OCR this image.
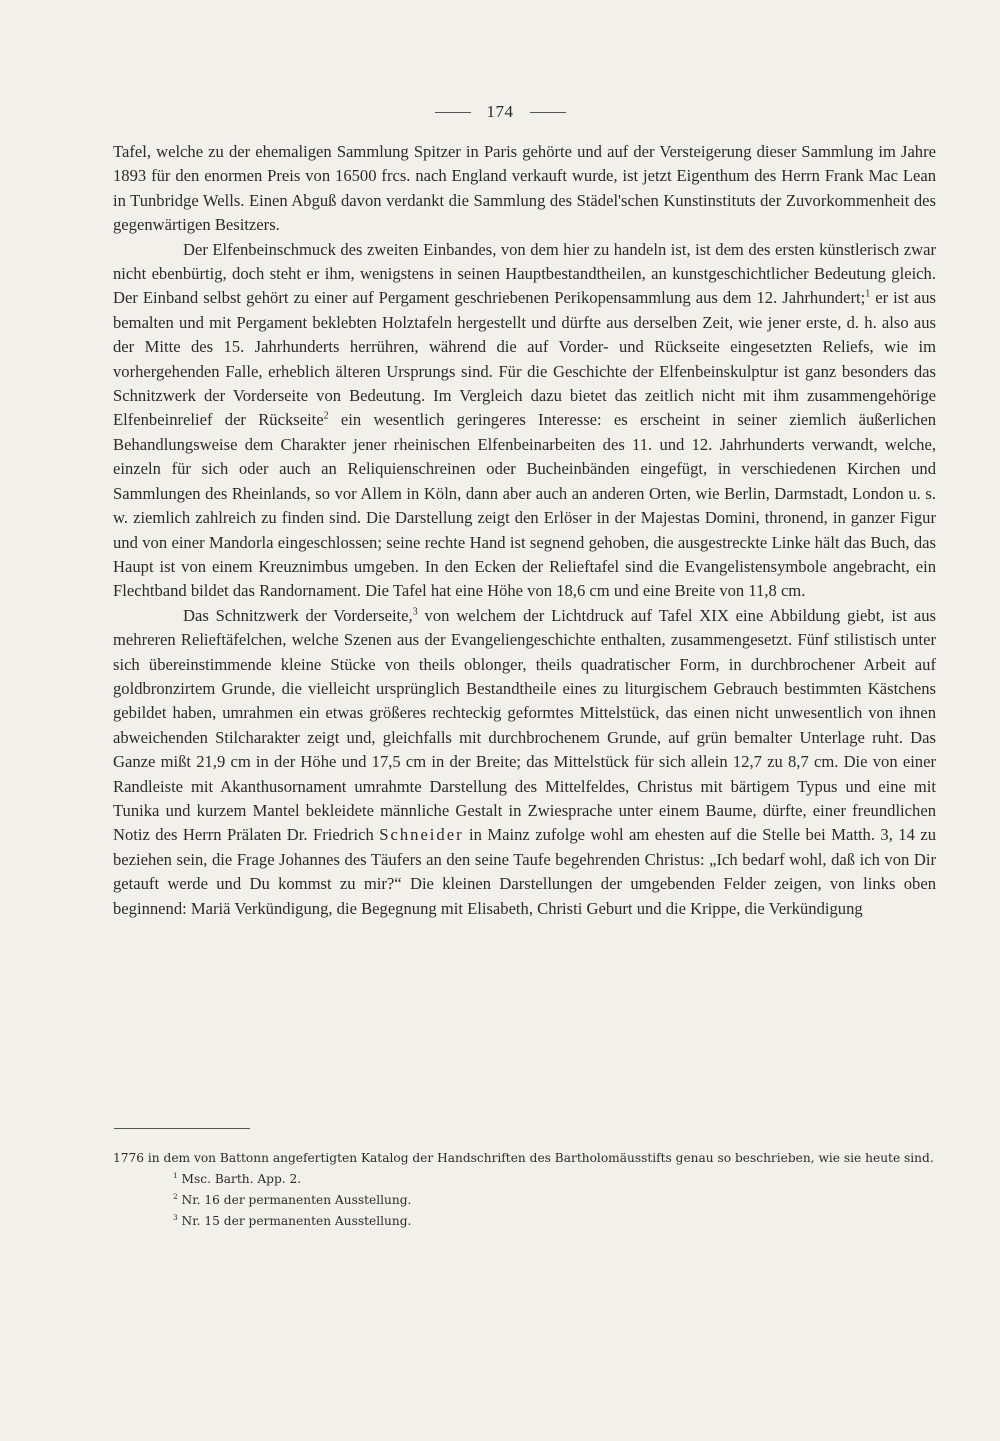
174

Tafel, welche zu der ehemaligen Sammlung Spitzer in Paris gehörte und auf der Versteigerung dieser Sammlung im Jahre 1893 für den enormen Preis von 16500 frcs. nach England verkauft wurde, ist jetzt Eigenthum des Herrn Frank Mac Lean in Tunbridge Wells. Einen Abguß davon verdankt die Sammlung des Städel'schen Kunstinstituts der Zuvorkommenheit des gegenwärtigen Besitzers.

Der Elfenbeinschmuck des zweiten Einbandes, von dem hier zu handeln ist, ist dem des ersten künstlerisch zwar nicht ebenbürtig, doch steht er ihm, wenigstens in seinen Hauptbestandtheilen, an kunstgeschichtlicher Bedeutung gleich. Der Einband selbst gehört zu einer auf Pergament geschriebenen Perikopensammlung aus dem 12. Jahrhundert;$^1$ er ist aus bemalten und mit Pergament beklebten Holztafeln hergestellt und dürfte aus derselben Zeit, wie jener erste, d. h. also aus der Mitte des 15. Jahrhunderts herrühren, während die auf Vorder- und Rückseite eingesetzten Reliefs, wie im vorhergehenden Falle, erheblich älteren Ursprungs sind. Für die Geschichte der Elfenbeinskulptur ist ganz besonders das Schnitzwerk der Vorderseite von Bedeutung. Im Vergleich dazu bietet das zeitlich nicht mit ihm zusammengehörige Elfenbeinrelief der Rückseite$^2$ ein wesentlich geringeres Interesse: es erscheint in seiner ziemlich äußerlichen Behandlungsweise dem Charakter jener rheinischen Elfenbeinarbeiten des 11. und 12. Jahrhunderts verwandt, welche, einzeln für sich oder auch an Reliquienschreinen oder Bucheinbänden eingefügt, in verschiedenen Kirchen und Sammlungen des Rheinlands, so vor Allem in Köln, dann aber auch an anderen Orten, wie Berlin, Darmstadt, London u. s. w. ziemlich zahlreich zu finden sind. Die Darstellung zeigt den Erlöser in der Majestas Domini, thronend, in ganzer Figur und von einer Mandorla eingeschlossen; seine rechte Hand ist segnend gehoben, die ausgestreckte Linke hält das Buch, das Haupt ist von einem Kreuznimbus umgeben. In den Ecken der Relieftafel sind die Evangelistensymbole angebracht, ein Flechtband bildet das Randornament. Die Tafel hat eine Höhe von 18,6 cm und eine Breite von 11,8 cm.

Das Schnitzwerk der Vorderseite,$^3$ von welchem der Lichtdruck auf Tafel XIX eine Abbildung giebt, ist aus mehreren Relieftäfelchen, welche Szenen aus der Evangeliengeschichte enthalten, zusammengesetzt. Fünf stilistisch unter sich übereinstimmende kleine Stücke von theils oblonger, theils quadratischer Form, in durchbrochener Arbeit auf goldbronzirtem Grunde, die vielleicht ursprünglich Bestandtheile eines zu liturgischem Gebrauch bestimmten Kästchens gebildet haben, umrahmen ein etwas größeres rechteckig geformtes Mittelstück, das einen nicht unwesentlich von ihnen abweichenden Stilcharakter zeigt und, gleichfalls mit durchbrochenem Grunde, auf grün bemalter Unterlage ruht. Das Ganze mißt 21,9 cm in der Höhe und 17,5 cm in der Breite; das Mittelstück für sich allein 12,7 zu 8,7 cm. Die von einer Randleiste mit Akanthusornament umrahmte Darstellung des Mittelfeldes, Christus mit bärtigem Typus und eine mit Tunika und kurzem Mantel bekleidete männliche Gestalt in Zwiesprache unter einem Baume, dürfte, einer freundlichen Notiz des Herrn Prälaten Dr. Friedrich Schneider in Mainz zufolge wohl am ehesten auf die Stelle bei Matth. 3, 14 zu beziehen sein, die Frage Johannes des Täufers an den seine Taufe begehrenden Christus: „Ich bedarf wohl, daß ich von Dir getauft werde und Du kommst zu mir?“ Die kleinen Darstellungen der umgebenden Felder zeigen, von links oben beginnend: Mariä Verkündigung, die Begegnung mit Elisabeth, Christi Geburt und die Krippe, die Verkündigung

1776 in dem von Battonn angefertigten Katalog der Handschriften des Bartholomäusstifts genau so beschrieben, wie sie heute sind.

$^1$ Msc. Barth. App. 2.

$^2$ Nr. 16 der permanenten Ausstellung.

$^3$ Nr. 15 der permanenten Ausstellung.
